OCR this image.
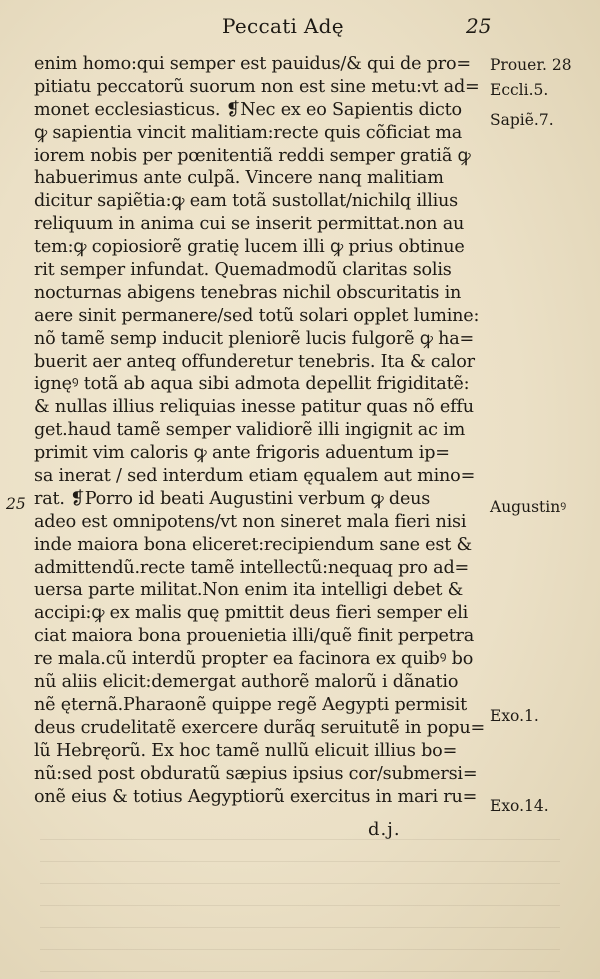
Peccati Adę	25
enim homo:qui semper est pauidus/& qui de pro=
pitiatu peccatorũ suorum non est sine metu:vt ad=
monet ecclesiasticus. ❡Nec ex eo Sapientis dicto
ꝙ sapientia vincit malitiam:recte quis cõficiat ma
iorem nobis per pœnitentiã reddi semper gratiã ꝙ
habuerimus ante culpã. Vincere nanq malitiam
dicitur sapiẽtia:ꝙ eam totã sustollat/nichilq illius
reliquum in anima cui se inserit permittat.non au
tem:ꝙ copiosiorẽ gratię lucem illi ꝙ prius obtinue
rit semper infundat. Quemadmodũ claritas solis
nocturnas abigens tenebras nichil obscuritatis in
aere sinit permanere/sed totũ solari opplet lumine:
nõ tamẽ semp inducit pleniorẽ lucis fulgorẽ ꝙ ha=
buerit aer anteq offunderetur tenebris. Ita & calor
ignęꝰ totã ab aqua sibi admota depellit frigiditatẽ:
& nullas illius reliquias inesse patitur quas nõ effu
get.haud tamẽ semper validiorẽ illi ingignit ac im
primit vim caloris ꝙ ante frigoris aduentum ip=
sa inerat / sed interdum etiam ęqualem aut mino=
rat. ❡Porro id beati Augustini verbum ꝙ deus
adeo est omnipotens/vt non sineret mala fieri nisi
inde maiora bona eliceret:recipiendum sane est &
admittendũ.recte tamẽ intellectũ:nequaq pro ad=
uersa parte militat.Non enim ita intelligi debet &
accipi:ꝙ ex malis quę pmittit deus fieri semper eli
ciat maiora bona prouenietia illi/quẽ finit perpetra
re mala.cũ interdũ propter ea facinora ex quibꝰ bo
nũ aliis elicit:demergat authorẽ malorũ i dãnatio
nẽ ęternã.Pharaonẽ quippe regẽ Aegypti permisit
deus crudelitatẽ exercere durãq seruitutẽ in popu=
lũ Hebręorũ. Ex hoc tamẽ nullũ elicuit illius bo=
nũ:sed post obduratũ sæpius ipsius cor/submersi=
onẽ eius & totius Aegyptiorũ exercitus in mari ru=
Prouer. 28
Eccli.5.
Sapiẽ.7.
25	Augustinꝰ
Exo.1.
Exo.14.
d.j.
